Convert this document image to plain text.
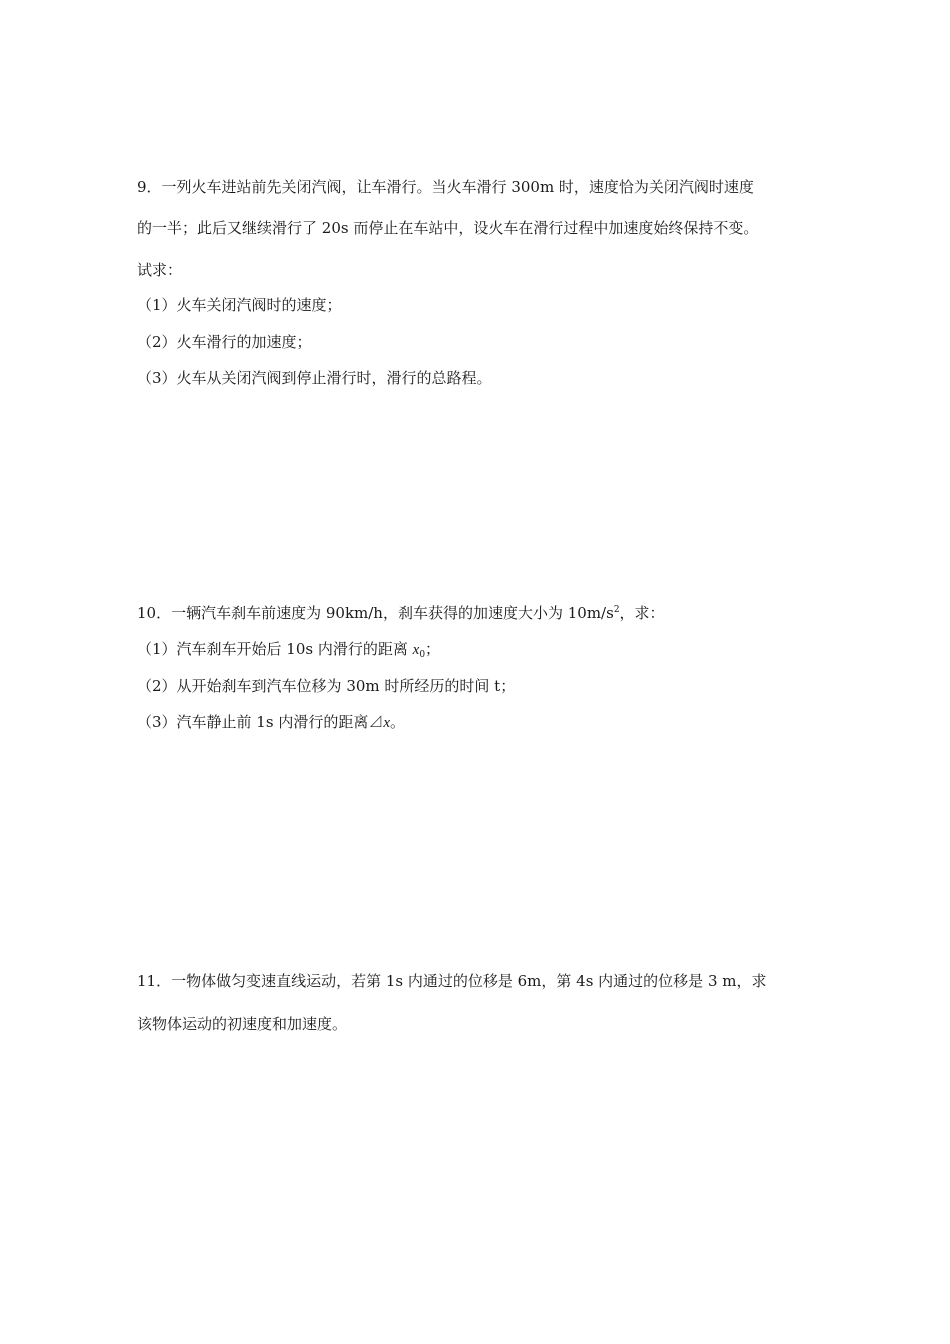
9．一列火车进站前先关闭汽阀，让车滑行。当火车滑行 300m 时，速度恰为关闭汽阀时速度
的一半；此后又继续滑行了 20s 而停止在车站中，设火车在滑行过程中加速度始终保持不变。
试求：
（1）火车关闭汽阀时的速度；
（2）火车滑行的加速度；
（3）火车从关闭汽阀到停止滑行时，滑行的总路程。
10．一辆汽车刹车前速度为 90km/h，刹车获得的加速度大小为 $10m/s^2$，求：
（1）汽车刹车开始后 10s 内滑行的距离 $x_0$；
（2）从开始刹车到汽车位移为 30m 时所经历的时间 t；
（3）汽车静止前 1s 内滑行的距离⊿x。
11．一物体做匀变速直线运动，若第 1s 内通过的位移是 6m，第 4s 内通过的位移是 3 m，求
该物体运动的初速度和加速度。
